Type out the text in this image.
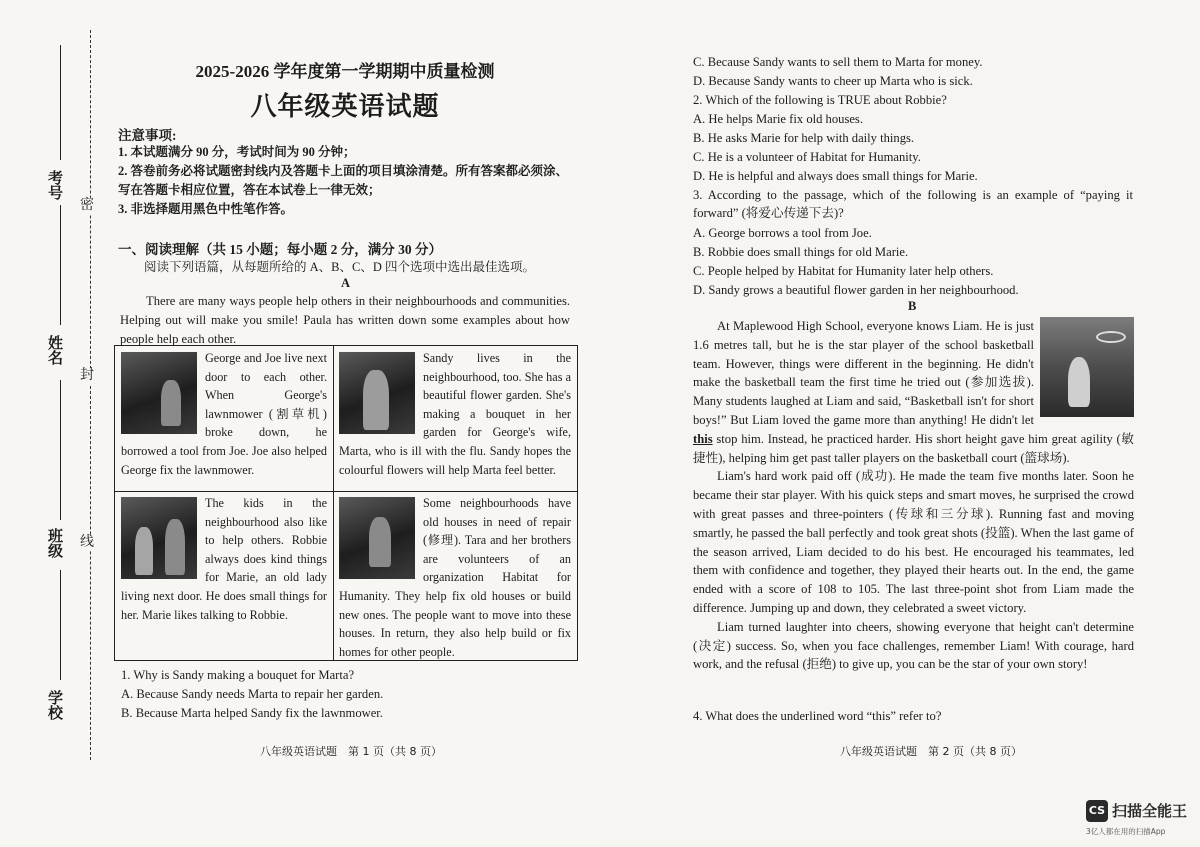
密
封
线
考号
姓名
班级
学校
2025-2026 学年度第一学期期中质量检测
八年级英语试题
注意事项:
1. 本试题满分 90 分，考试时间为 90 分钟；
2. 答卷前务必将试题密封线内及答题卡上面的项目填涂清楚。所有答案都必须涂、写在答题卡相应位置，答在本试卷上一律无效；
3. 非选择题用黑色中性笔作答。
一、阅读理解（共 15 小题；每小题 2 分，满分 30 分）
阅读下列语篇，从每题所给的 A、B、C、D 四个选项中选出最佳选项。
A
There are many ways people help others in their neighbourhoods and communities. Helping out will make you smile! Paula has written down some examples about how people help each other.
George and Joe live next door to each other. When George's lawnmower (割草机) broke down, he borrowed a tool from Joe. Joe also helped George fix the lawnmower.
Sandy lives in the neighbourhood, too. She has a beautiful flower garden. She's making a bouquet in her garden for George's wife, Marta, who is ill with the flu. Sandy hopes the colourful flowers will help Marta feel better.
The kids in the neighbourhood also like to help others. Robbie always does kind things for Marie, an old lady living next door. He does small things for her. Marie likes talking to Robbie.
Some neighbourhoods have old houses in need of repair (修理). Tara and her brothers are volunteers of an organization Habitat for Humanity. They help fix old houses or build new ones. The people want to move into these houses. In return, they also help build or fix homes for other people.
1. Why is Sandy making a bouquet for Marta?
A. Because Sandy needs Marta to repair her garden.
B. Because Marta helped Sandy fix the lawnmower.
八年级英语试题　第 1 页（共 8 页）
C. Because Sandy wants to sell them to Marta for money.
D. Because Sandy wants to cheer up Marta who is sick.
2. Which of the following is TRUE about Robbie?
A. He helps Marie fix old houses.
B. He asks Marie for help with daily things.
C. He is a volunteer of Habitat for Humanity.
D. He is helpful and always does small things for Marie.
3. According to the passage, which of the following is an example of “paying it forward” (将爱心传递下去)?
A. George borrows a tool from Joe.
B. Robbie does small things for old Marie.
C. People helped by Habitat for Humanity later help others.
D. Sandy grows a beautiful flower garden in her neighbourhood.
B

At Maplewood High School, everyone knows Liam. He is just 1.6 metres tall, but he is the star player of the school basketball team. However, things were different in the beginning. He didn't make the basketball team the first time he tried out (参加选拔). Many students laughed at Liam and said, “Basketball isn't for short boys!” But Liam loved the game more than anything! He didn't let this stop him. Instead, he practiced harder. His short height gave him great agility (敏捷性), helping him get past taller players on the basketball court (篮球场).

Liam's hard work paid off (成功). He made the team five months later. Soon he became their star player. With his quick steps and smart moves, he surprised the crowd with great passes and three-pointers (传球和三分球). Running fast and moving smartly, he passed the ball perfectly and took great shots (投篮). When the last game of the season arrived, Liam decided to do his best. He encouraged his teammates, led them with confidence and together, they played their hearts out. In the end, the game ended with a score of 108 to 105. The last three-point shot from Liam made the difference. Jumping up and down, they celebrated a sweet victory.

Liam turned laughter into cheers, showing everyone that height can't determine (决定) success. So, when you face challenges, remember Liam! With courage, hard work, and the refusal (拒绝) to give up, you can be the star of your own story!

4. What does the underlined word “this” refer to?
八年级英语试题　第 2 页（共 8 页）
CS 扫描全能王
3亿人都在用的扫描App
